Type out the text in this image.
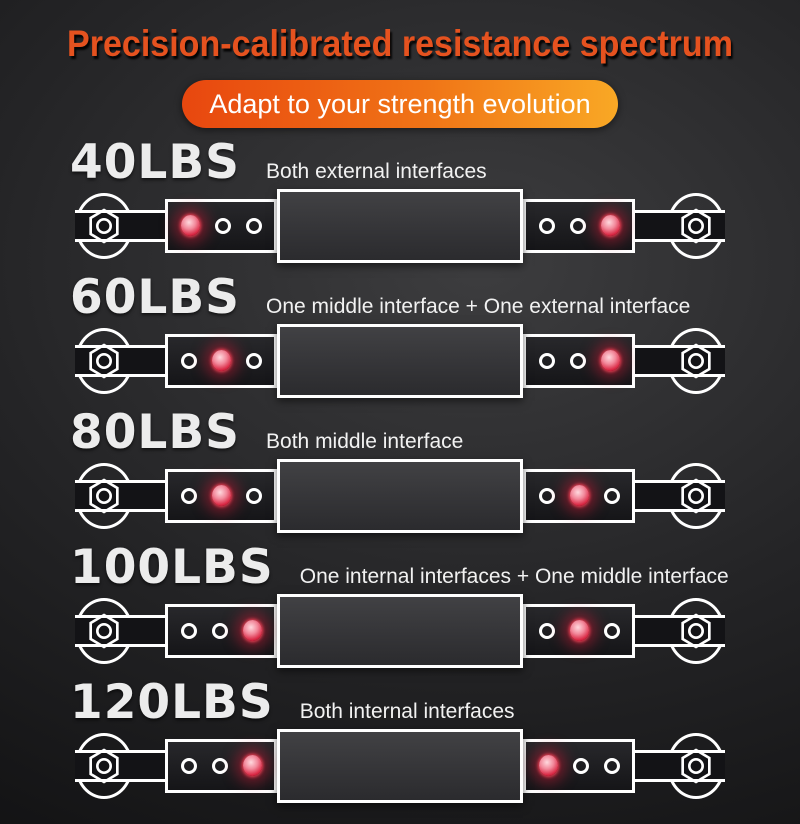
Precision-calibrated resistance spectrum
Adapt to your strength evolution
40LBS Both external interfaces
60LBS One middle interface + One external interface
80LBS Both middle interface
100LBS One internal interfaces + One middle interface
120LBS Both internal interfaces
